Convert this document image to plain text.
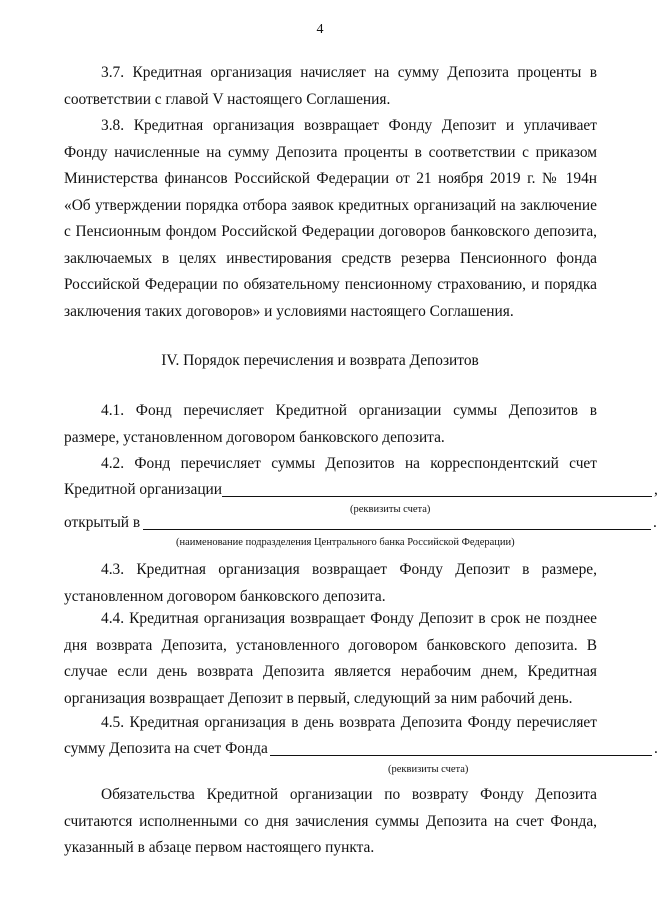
4
3.7. Кредитная организация начисляет на сумму Депозита проценты в соответствии с главой V настоящего Соглашения.
3.8. Кредитная организация возвращает Фонду Депозит и уплачивает Фонду начисленные на сумму Депозита проценты в соответствии с приказом Министерства финансов Российской Федерации от 21 ноября 2019 г. № 194н «Об утверждении порядка отбора заявок кредитных организаций на заключение с Пенсионным фондом Российской Федерации договоров банковского депозита, заключаемых в целях инвестирования средств резерва Пенсионного фонда Российской Федерации по обязательному пенсионному страхованию, и порядка заключения таких договоров» и условиями настоящего Соглашения.
IV. Порядок перечисления и возврата Депозитов
4.1. Фонд перечисляет Кредитной организации суммы Депозитов в размере, установленном договором банковского депозита.
4.2. Фонд перечисляет суммы Депозитов на корреспондентский счет
Кредитной организации	,
(реквизиты счета)
открытый в	.
(наименование подразделения Центрального банка Российской Федерации)
4.3. Кредитная организация возвращает Фонду Депозит в размере, установленном договором банковского депозита.
4.4. Кредитная организация возвращает Фонду Депозит в срок не позднее дня возврата Депозита, установленного договором банковского депозита. В случае если день возврата Депозита является нерабочим днем, Кредитная организация возвращает Депозит в первый, следующий за ним рабочий день.
4.5. Кредитная организация в день возврата Депозита Фонду перечисляет
сумму Депозита на счет Фонда	.
(реквизиты счета)
Обязательства Кредитной организации по возврату Фонду Депозита считаются исполненными со дня зачисления суммы Депозита на счет Фонда, указанный в абзаце первом настоящего пункта.
